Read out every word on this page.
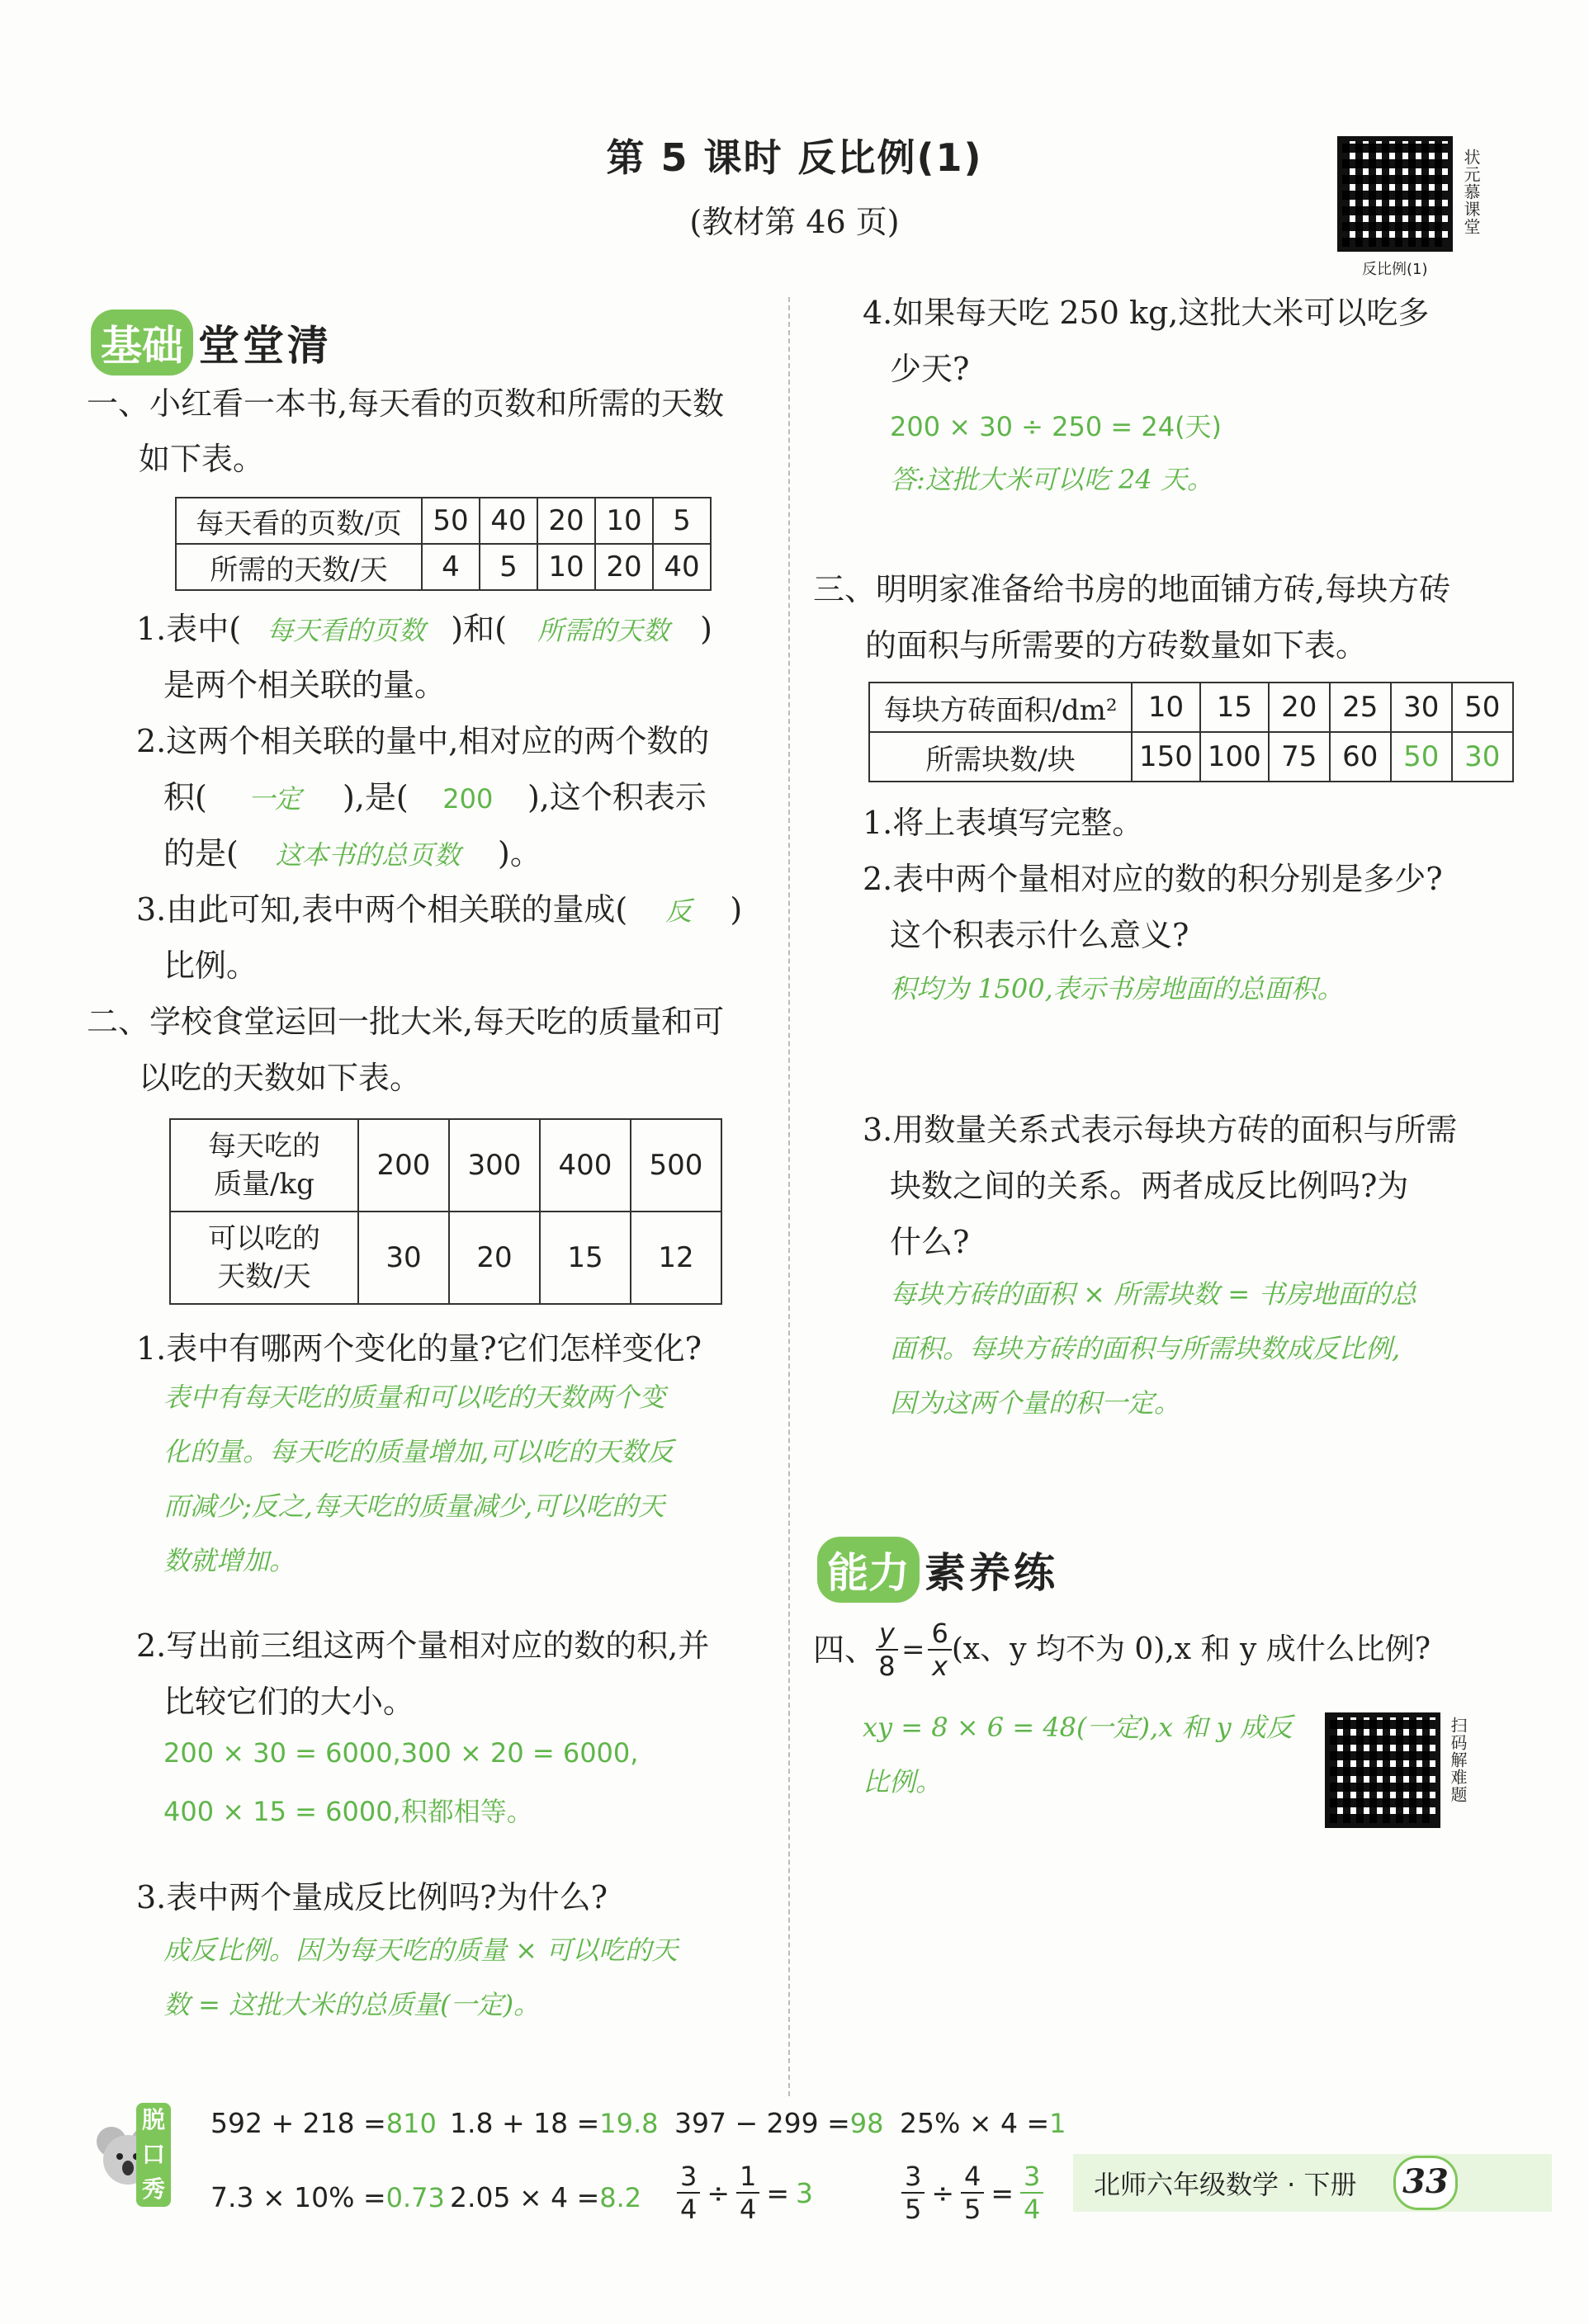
第 5 课时 反比例(1)
(教材第 46 页)	状元慕课堂
反比例(1)
基础 堂堂清
一、小红看一本书,每天看的页数和所需的天数
如下表。
每天看的页数/页	50	40	20	10	5
所需的天数/天	4	5	10	20	40
1.表中( 每天看的页数 )和( 所需的天数 )
是两个相关联的量。
2.这两个相关联的量中,相对应的两个数的
积( 一定 ),是( 200 ),这个积表示
的是( 这本书的总页数 )。
3.由此可知,表中两个相关联的量成( 反 )
比例。
二、学校食堂运回一批大米,每天吃的质量和可
以吃的天数如下表。
每天吃的
质量/kg	200	300	400	500

可以吃的
天数/天	30	20	15	12
1.表中有哪两个变化的量?它们怎样变化?
表中有每天吃的质量和可以吃的天数两个变
化的量。每天吃的质量增加,可以吃的天数反
而减少;反之,每天吃的质量减少,可以吃的天
数就增加。
2.写出前三组这两个量相对应的数的积,并
比较它们的大小。
200 × 30 = 6000,300 × 20 = 6000,
400 × 15 = 6000,积都相等。
3.表中两个量成反比例吗?为什么?
成反比例。因为每天吃的质量 × 可以吃的天
数 = 这批大米的总质量(一定)。
4.如果每天吃 250 kg,这批大米可以吃多
少天?
200 × 30 ÷ 250 = 24(天)
答:这批大米可以吃 24 天。
三、明明家准备给书房的地面铺方砖,每块方砖
的面积与所需要的方砖数量如下表。
每块方砖面积/dm²	10	15	20	25	30	50
所需块数/块	150	100	75	60	50	30
1.将上表填写完整。
2.表中两个量相对应的数的积分别是多少?
这个积表示什么意义?
积均为 1500,表示书房地面的总面积。
3.用数量关系式表示每块方砖的面积与所需
块数之间的关系。两者成反比例吗?为
什么?
每块方砖的面积 × 所需块数 = 书房地面的总
面积。每块方砖的面积与所需块数成反比例,
因为这两个量的积一定。
能力 素养练
四、 $\frac{y}{8} = \frac{6}{x} (x$、y 均不为 0),x 和 y 成什么比例?
xy = 8 × 6 = 48(一定),x 和 y 成反
比例。	扫码解难题
脱口秀
592 + 218 =810 1.8 + 18 =19.8 397 − 299 =98 25% × 4 =1
7.3 × 10% =0.73 $2.05 \times 4 =8.2 \frac{3}{4} \div \frac{1}{4} = 3$	$\frac{3}{5} \div \frac{4}{5} = \frac{3}{4}$ 北师六年级数学 · 下册 33
